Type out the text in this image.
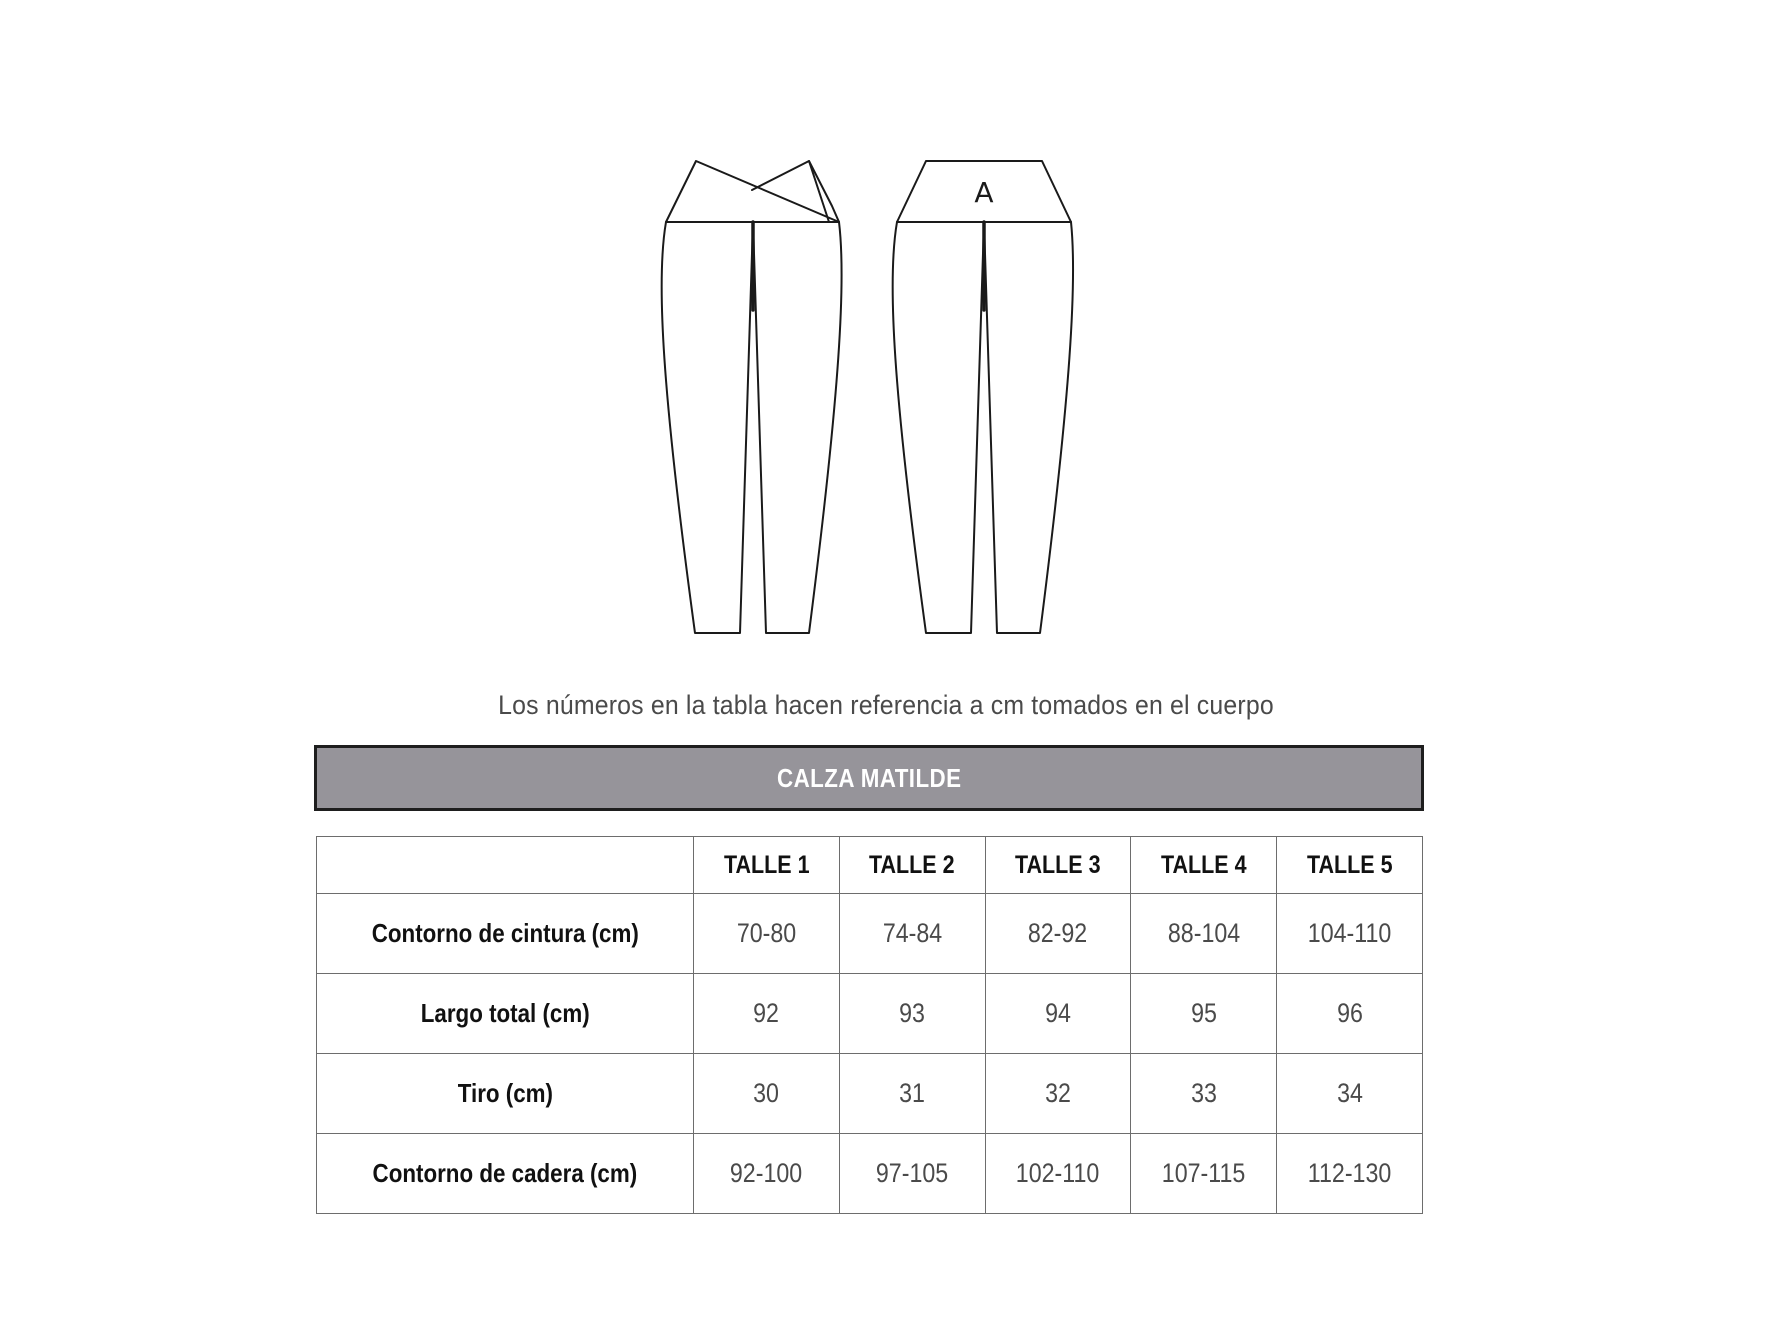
A
Los números en la tabla hacen referencia a cm tomados en el cuerpo
CALZA MATILDE
	TALLE 1	TALLE 2	TALLE 3	TALLE 4	TALLE 5
Contorno de cintura (cm)	70-80	74-84	82-92	88-104	104-110
Largo total (cm)	92	93	94	95	96
Tiro (cm)	30	31	32	33	34
Contorno de cadera (cm)	92-100	97-105	102-110	107-115	112-130
